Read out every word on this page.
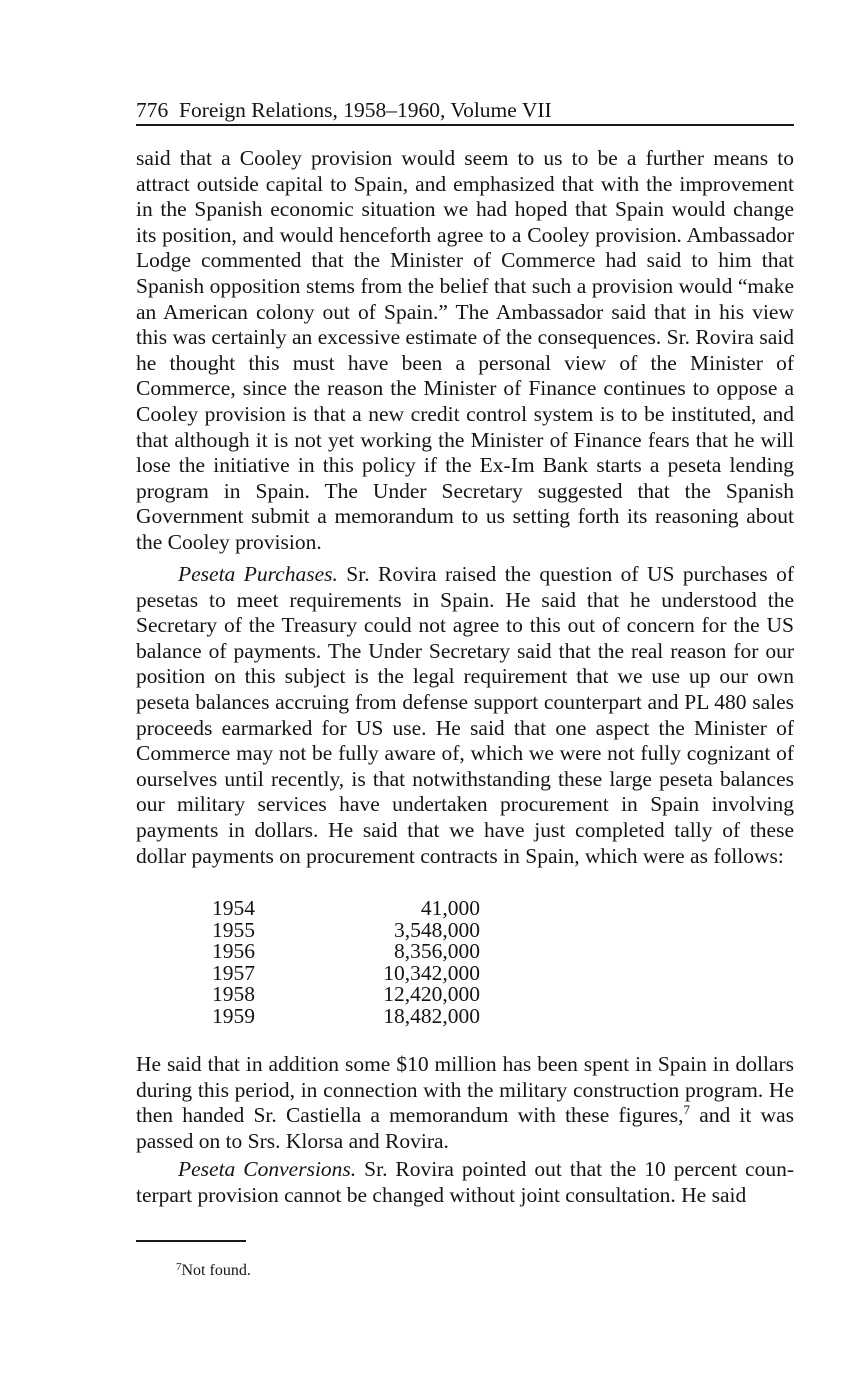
776 Foreign Relations, 1958–1960, Volume VII

said that a Cooley provision would seem to us to be a further means to attract outside capital to Spain, and emphasized that with the improvement in the Spanish economic situation we had hoped that Spain would change its position, and would henceforth agree to a Cooley provision. Ambassador Lodge commented that the Minister of Commerce had said to him that Spanish opposition stems from the belief that such a provision would “make an American colony out of Spain.” The Ambassador said that in his view this was certainly an excessive estimate of the consequences. Sr. Rovira said he thought this must have been a personal view of the Minister of Commerce, since the reason the Minister of Finance continues to oppose a Cooley provision is that a new credit control system is to be instituted, and that although it is not yet working the Minister of Finance fears that he will lose the initiative in this policy if the Ex-Im Bank starts a peseta lending program in Spain. The Under Secretary suggested that the Spanish Government submit a memorandum to us setting forth its reasoning about the Cooley provision.

Peseta Purchases. Sr. Rovira raised the question of US purchases of pesetas to meet requirements in Spain. He said that he understood the Secretary of the Treasury could not agree to this out of concern for the US balance of payments. The Under Secretary said that the real reason for our position on this subject is the legal requirement that we use up our own peseta balances accruing from defense support counterpart and PL 480 sales proceeds earmarked for US use. He said that one aspect the Minister of Commerce may not be fully aware of, which we were not fully cognizant of ourselves until recently, is that notwithstanding these large peseta balances our military services have undertaken procurement in Spain involving payments in dollars. He said that we have just completed tally of these dollar payments on procurement contracts in Spain, which were as follows:

1954	41,000
1955	3,548,000
1956	8,356,000
1957	10,342,000
1958	12,420,000
1959	18,482,000

He said that in addition some $10 million has been spent in Spain in dollars during this period, in connection with the military construction program. He then handed Sr. Castiella a memorandum with these figures,$^7$ and it was passed on to Srs. Klorsa and Rovira.

Peseta Conversions. Sr. Rovira pointed out that the 10 percent counterpart provision cannot be changed without joint consultation. He said

$^7$Not found.
